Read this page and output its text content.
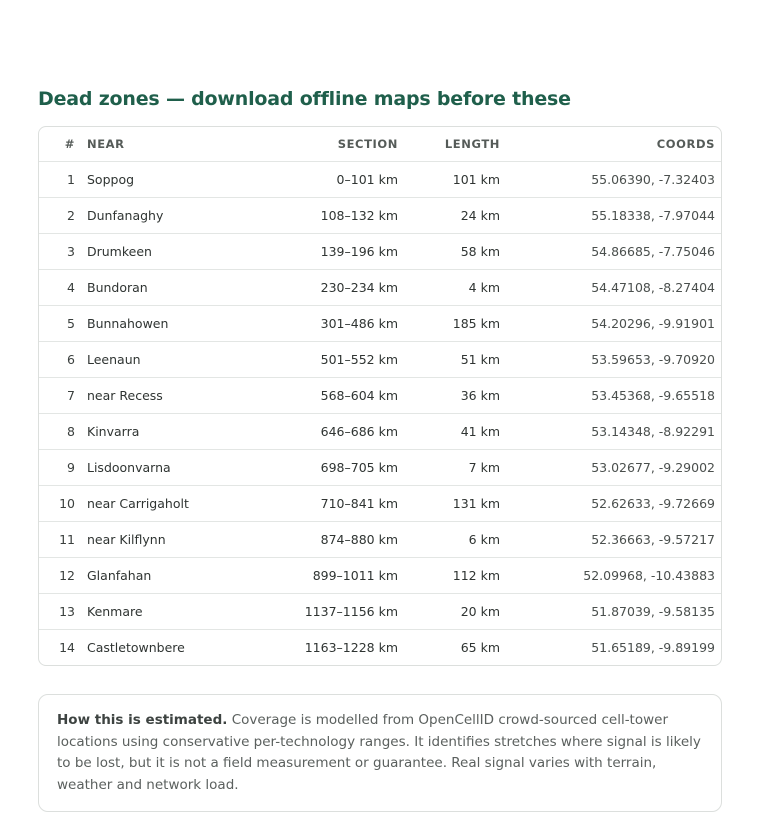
Dead zones — download offline maps before these
#	NEAR	SECTION	LENGTH	COORDS
1	Soppog	0–101 km	101 km	55.06390, -7.32403
2	Dunfanaghy	108–132 km	24 km	55.18338, -7.97044
3	Drumkeen	139–196 km	58 km	54.86685, -7.75046
4	Bundoran	230–234 km	4 km	54.47108, -8.27404
5	Bunnahowen	301–486 km	185 km	54.20296, -9.91901
6	Leenaun	501–552 km	51 km	53.59653, -9.70920
7	near Recess	568–604 km	36 km	53.45368, -9.65518
8	Kinvarra	646–686 km	41 km	53.14348, -8.92291
9	Lisdoonvarna	698–705 km	7 km	53.02677, -9.29002
10	near Carrigaholt	710–841 km	131 km	52.62633, -9.72669
11	near Kilflynn	874–880 km	6 km	52.36663, -9.57217
12	Glanfahan	899–1011 km	112 km	52.09968, -10.43883
13	Kenmare	1137–1156 km	20 km	51.87039, -9.58135
14	Castletownbere	1163–1228 km	65 km	51.65189, -9.89199
How this is estimated. Coverage is modelled from OpenCellID crowd-sourced cell-tower locations using conservative per-technology ranges. It identifies stretches where signal is likely to be lost, but it is not a field measurement or guarantee. Real signal varies with terrain, weather and network load.
